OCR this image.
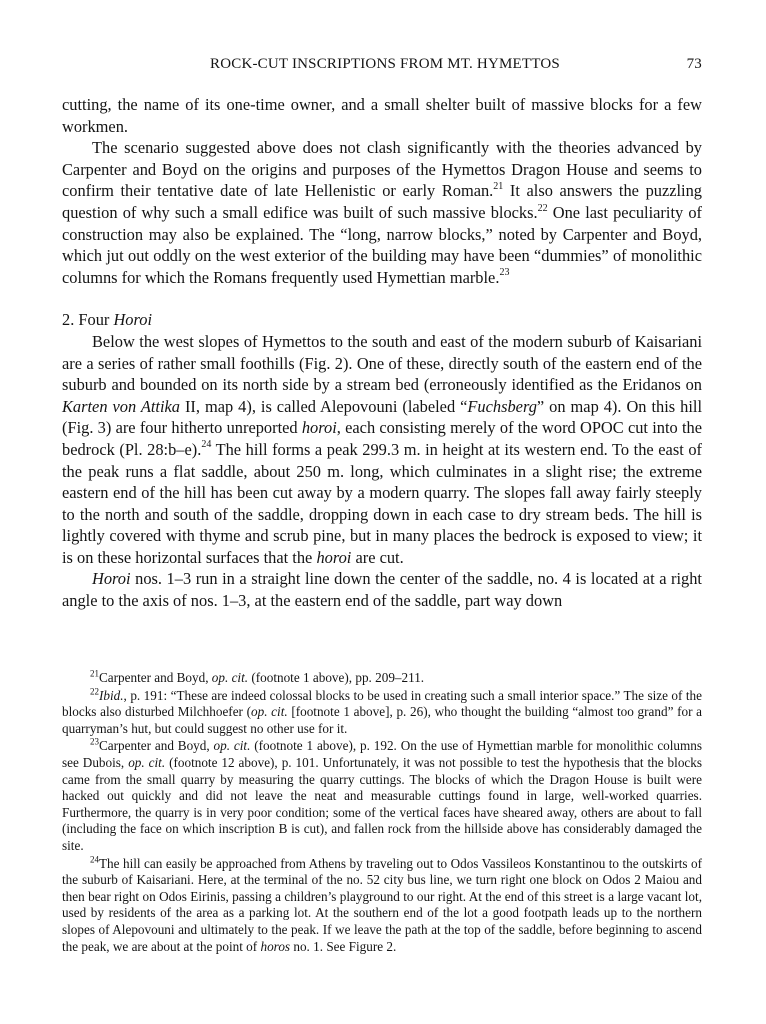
ROCK-CUT INSCRIPTIONS FROM MT. HYMETTOS	73

cutting, the name of its one-time owner, and a small shelter built of massive blocks for a few workmen.

The scenario suggested above does not clash significantly with the theories advanced by Carpenter and Boyd on the origins and purposes of the Hymettos Dragon House and seems to confirm their tentative date of late Hellenistic or early Roman.$^{21}$ It also answers the puzzling question of why such a small edifice was built of such massive blocks.$^{22}$ One last peculiarity of construction may also be explained. The “long, narrow blocks,” noted by Carpenter and Boyd, which jut out oddly on the west exterior of the building may have been “dummies” of monolithic columns for which the Romans frequently used Hymettian marble.$^{23}$

2. Four Horoi

Below the west slopes of Hymettos to the south and east of the modern suburb of Kaisariani are a series of rather small foothills (Fig. 2). One of these, directly south of the eastern end of the suburb and bounded on its north side by a stream bed (erroneously identified as the Eridanos on Karten von Attika II, map 4), is called Alepovouni (labeled “Fuchsberg” on map 4). On this hill (Fig. 3) are four hitherto unreported horoi, each consisting merely of the word OPOC cut into the bedrock (Pl. 28:b–e).$^{24}$ The hill forms a peak 299.3 m. in height at its western end. To the east of the peak runs a flat saddle, about 250 m. long, which culminates in a slight rise; the extreme eastern end of the hill has been cut away by a modern quarry. The slopes fall away fairly steeply to the north and south of the saddle, dropping down in each case to dry stream beds. The hill is lightly covered with thyme and scrub pine, but in many places the bedrock is exposed to view; it is on these horizontal surfaces that the horoi are cut.

Horoi nos. 1–3 run in a straight line down the center of the saddle, no. 4 is located at a right angle to the axis of nos. 1–3, at the eastern end of the saddle, part way down

$^{21}$Carpenter and Boyd, op. cit. (footnote 1 above), pp. 209–211.

$^{22}$Ibid., p. 191: “These are indeed colossal blocks to be used in creating such a small interior space.” The size of the blocks also disturbed Milchhoefer (op. cit. [footnote 1 above], p. 26), who thought the building “almost too grand” for a quarryman’s hut, but could suggest no other use for it.

$^{23}$Carpenter and Boyd, op. cit. (footnote 1 above), p. 192. On the use of Hymettian marble for monolithic columns see Dubois, op. cit. (footnote 12 above), p. 101. Unfortunately, it was not possible to test the hypothesis that the blocks came from the small quarry by measuring the quarry cuttings. The blocks of which the Dragon House is built were hacked out quickly and did not leave the neat and measurable cuttings found in large, well-worked quarries. Furthermore, the quarry is in very poor condition; some of the vertical faces have sheared away, others are about to fall (including the face on which inscription B is cut), and fallen rock from the hillside above has considerably damaged the site.

$^{24}$The hill can easily be approached from Athens by traveling out to Odos Vassileos Konstantinou to the outskirts of the suburb of Kaisariani. Here, at the terminal of the no. 52 city bus line, we turn right one block on Odos 2 Maiou and then bear right on Odos Eirinis, passing a children’s playground to our right. At the end of this street is a large vacant lot, used by residents of the area as a parking lot. At the southern end of the lot a good footpath leads up to the northern slopes of Alepovouni and ultimately to the peak. If we leave the path at the top of the saddle, before beginning to ascend the peak, we are about at the point of horos no. 1. See Figure 2.
